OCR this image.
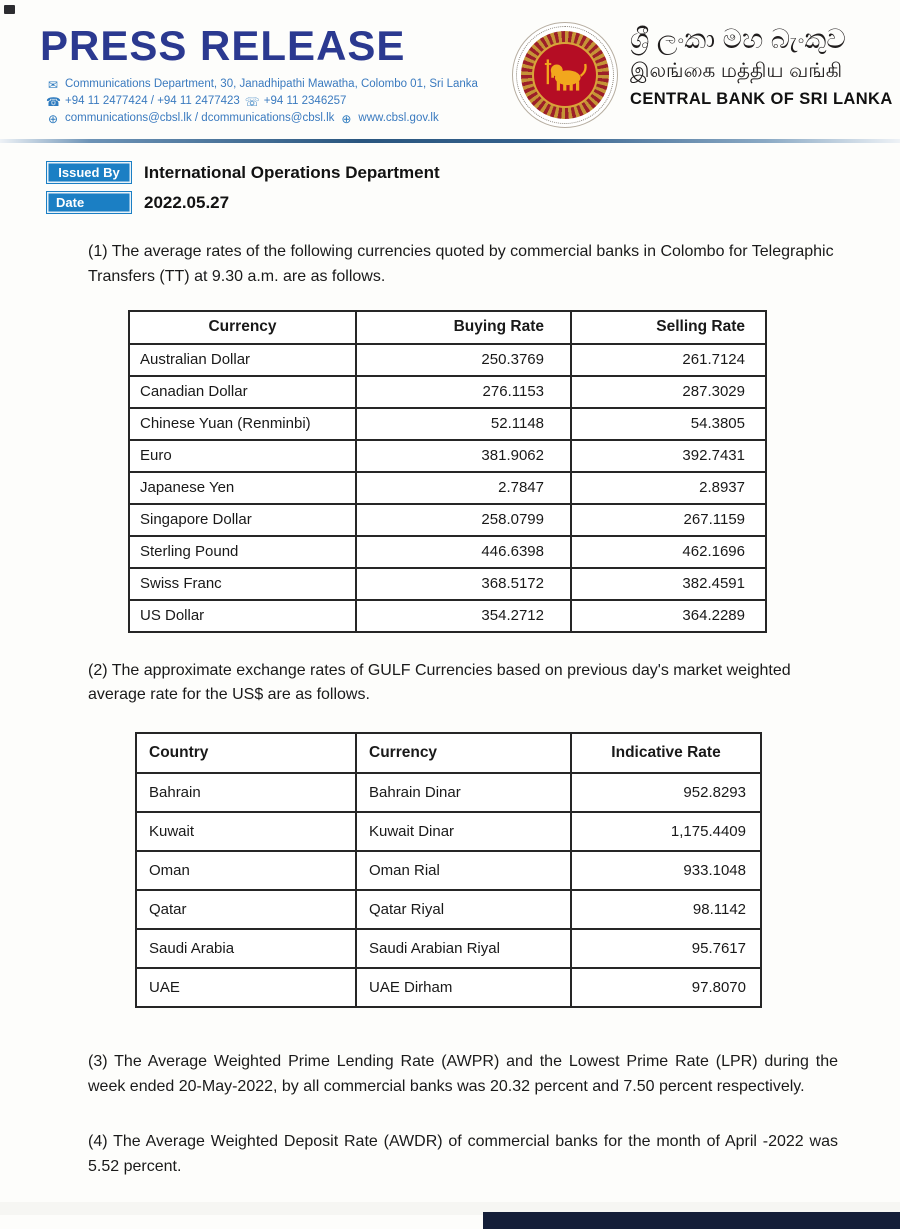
PRESS RELEASE
✉ Communications Department, 30, Janadhipathi Mawatha, Colombo 01, Sri Lanka
☎ +94 11 2477424 / +94 11 2477423 ☏ +94 11 2346257
⊕ communications@cbsl.lk / dcommunications@cbsl.lk ⊕ www.cbsl.gov.lk
ශ්‍රී ලංකා මහ බැංකුව
இலங்கை மத்திய வங்கி
CENTRAL BANK OF SRI LANKA
Issued By	International Operations Department
Date	2022.05.27

(1) The average rates of the following currencies quoted by commercial banks in Colombo for Telegraphic Transfers (TT) at 9.30 a.m. are as follows.

Currency	Buying Rate	Selling Rate
Australian Dollar	250.3769	261.7124
Canadian Dollar	276.1153	287.3029
Chinese Yuan (Renminbi)	52.1148	54.3805
Euro	381.9062	392.7431
Japanese Yen	2.7847	2.8937
Singapore Dollar	258.0799	267.1159
Sterling Pound	446.6398	462.1696
Swiss Franc	368.5172	382.4591
US Dollar	354.2712	364.2289

(2) The approximate exchange rates of GULF Currencies based on previous day's market weighted average rate for the US$ are as follows.

Country	Currency	Indicative Rate
Bahrain	Bahrain Dinar	952.8293
Kuwait	Kuwait Dinar	1,175.4409
Oman	Oman Rial	933.1048
Qatar	Qatar Riyal	98.1142
Saudi Arabia	Saudi Arabian Riyal	95.7617
UAE	UAE Dirham	97.8070

(3) The Average Weighted Prime Lending Rate (AWPR) and the Lowest Prime Rate (LPR) during the week ended 20-May-2022, by all commercial banks was 20.32 percent and 7.50 percent respectively.

(4) The Average Weighted Deposit Rate (AWDR) of commercial banks for the month of April -2022 was 5.52 percent.
